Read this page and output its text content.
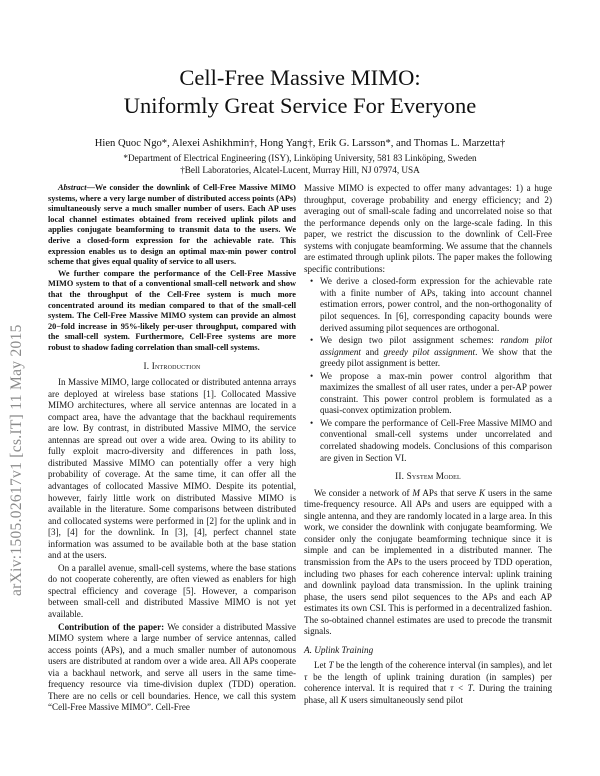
arXiv:1505.02617v1 [cs.IT] 11 May 2015
Cell-Free Massive MIMO:
Uniformly Great Service For Everyone
Hien Quoc Ngo*, Alexei Ashikhmin†, Hong Yang†, Erik G. Larsson*, and Thomas L. Marzetta†
*Department of Electrical Engineering (ISY), Linköping University, 581 83 Linköping, Sweden
†Bell Laboratories, Alcatel-Lucent, Murray Hill, NJ 07974, USA

Abstract—We consider the downlink of Cell-Free Massive MIMO systems, where a very large number of distributed access points (APs) simultaneously serve a much smaller number of users. Each AP uses local channel estimates obtained from received uplink pilots and applies conjugate beamforming to transmit data to the users. We derive a closed-form expression for the achievable rate. This expression enables us to design an optimal max-min power control scheme that gives equal quality of service to all users.

We further compare the performance of the Cell-Free Massive MIMO system to that of a conventional small-cell network and show that the throughput of the Cell-Free system is much more concentrated around its median compared to that of the small-cell system. The Cell-Free Massive MIMO system can provide an almost 20−fold increase in 95%-likely per-user throughput, compared with the small-cell system. Furthermore, Cell-Free systems are more robust to shadow fading correlation than small-cell systems.

I. Introduction

In Massive MIMO, large collocated or distributed antenna arrays are deployed at wireless base stations [1]. Collocated Massive MIMO architectures, where all service antennas are located in a compact area, have the advantage that the backhaul requirements are low. By contrast, in distributed Massive MIMO, the service antennas are spread out over a wide area. Owing to its ability to fully exploit macro-diversity and differences in path loss, distributed Massive MIMO can potentially offer a very high probability of coverage. At the same time, it can offer all the advantages of collocated Massive MIMO. Despite its potential, however, fairly little work on distributed Massive MIMO is available in the literature. Some comparisons between distributed and collocated systems were performed in [2] for the uplink and in [3], [4] for the downlink. In [3], [4], perfect channel state information was assumed to be available both at the base station and at the users.

On a parallel avenue, small-cell systems, where the base stations do not cooperate coherently, are often viewed as enablers for high spectral efficiency and coverage [5]. However, a comparison between small-cell and distributed Massive MIMO is not yet available.

Contribution of the paper: We consider a distributed Massive MIMO system where a large number of service antennas, called access points (APs), and a much smaller number of autonomous users are distributed at random over a wide area. All APs cooperate via a backhaul network, and serve all users in the same time-frequency resource via time-division duplex (TDD) operation. There are no cells or cell boundaries. Hence, we call this system “Cell-Free Massive MIMO”. Cell-Free

Massive MIMO is expected to offer many advantages: 1) a huge throughput, coverage probability and energy efficiency; and 2) averaging out of small-scale fading and uncorrelated noise so that the performance depends only on the large-scale fading. In this paper, we restrict the discussion to the downlink of Cell-Free systems with conjugate beamforming. We assume that the channels are estimated through uplink pilots. The paper makes the following specific contributions:

• We derive a closed-form expression for the achievable rate with a finite number of APs, taking into account channel estimation errors, power control, and the non-orthogonality of pilot sequences. In [6], corresponding capacity bounds were derived assuming pilot sequences are orthogonal.
• We design two pilot assignment schemes: random pilot assignment and greedy pilot assignment. We show that the greedy pilot assignment is better.
• We propose a max-min power control algorithm that maximizes the smallest of all user rates, under a per-AP power constraint. This power control problem is formulated as a quasi-convex optimization problem.
• We compare the performance of Cell-Free Massive MIMO and conventional small-cell systems under uncorrelated and correlated shadowing models. Conclusions of this comparison are given in Section VI.
II. System Model

We consider a network of M APs that serve K users in the same time-frequency resource. All APs and users are equipped with a single antenna, and they are randomly located in a large area. In this work, we consider the downlink with conjugate beamforming. We consider only the conjugate beamforming technique since it is simple and can be implemented in a distributed manner. The transmission from the APs to the users proceed by TDD operation, including two phases for each coherence interval: uplink training and downlink payload data transmission. In the uplink training phase, the users send pilot sequences to the APs and each AP estimates its own CSI. This is performed in a decentralized fashion. The so-obtained channel estimates are used to precode the transmit signals.

A. Uplink Training

Let T be the length of the coherence interval (in samples), and let τ be the length of uplink training duration (in samples) per coherence interval. It is required that τ < T. During the training phase, all K users simultaneously send pilot
